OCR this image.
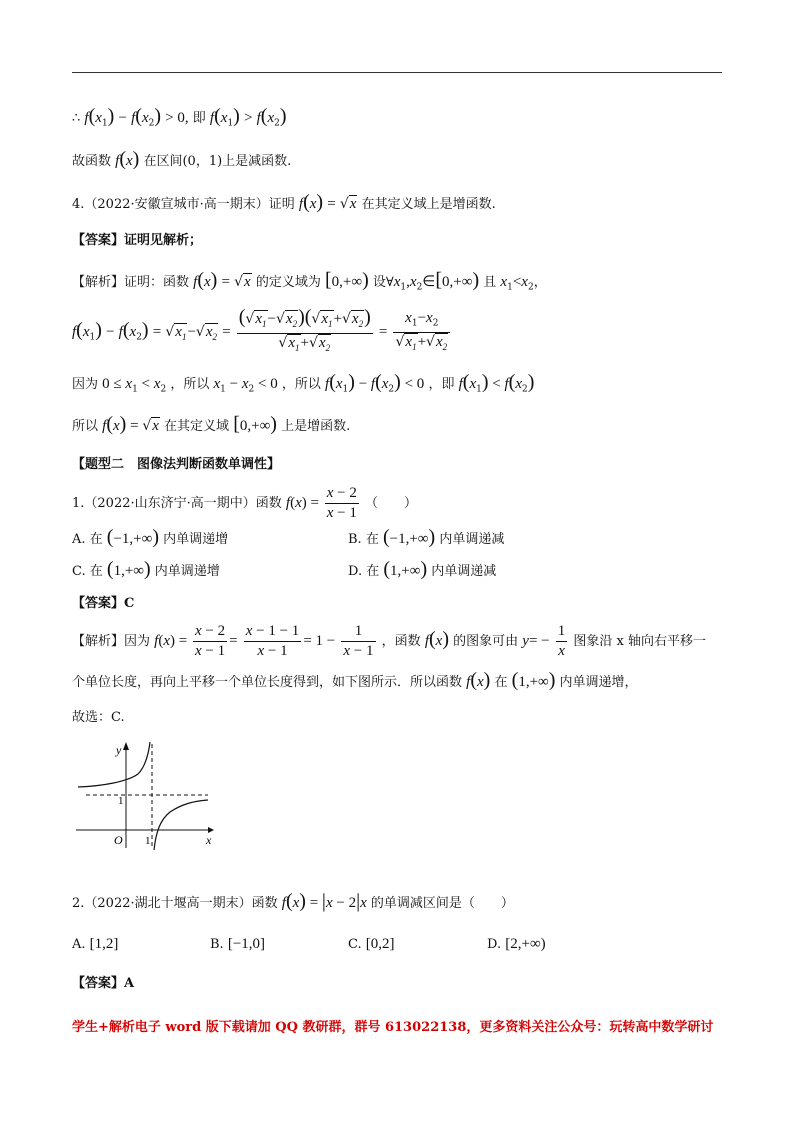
∴ $f(x_1) - f(x_2) > 0$, 即 $f(x_1) > f(x_2)$
故函数 f(x) 在区间(0，1)上是减函数.
4.（2022·安徽宣城市·高一期末）证明 f(x) = √x 在其定义域上是增函数.
【答案】证明见解析；
【解析】证明：函数 f(x) = √x 的定义域为 [0,+∞) 设$\forall x_1,x_2\in[0,+\infty)$ 且 $x_1<x_2$，
$f(x_1) - f(x_2) = √x_1-√x_2 = \frac{(√x_1-√x_2)(√x_1+√x_2)}{√x_1+√x_2} = \frac{x_1-x_2}{√x_1+√x_2}$
因为 $0 \le x_1 < x_2$ ，所以 $x_1 - x_2 < 0$ ，所以 $f(x_1) - f(x_2) < 0$ ，即 $f(x_1) < f(x_2)$
所以 f(x) = √x 在其定义域 [0,+∞) 上是增函数.
【题型二　图像法判断函数单调性】
1.（2022·山东济宁·高一期中）函数 $f(x) = \frac{x - 2}{x - 1}$ （　　）
A. 在 (−1,+∞) 内单调递增	B. 在 (−1,+∞) 内单调递减
C. 在 (1,+∞) 内单调递增	D. 在 (1,+∞) 内单调递减
【答案】C
【解析】因为 $f(x) = \frac{x - 2}{x - 1} = \frac{x - 1 - 1}{x - 1} = 1 - \frac{1}{x - 1}$ ，函数 f(x) 的图象可由 $y= - \frac{1}{x}$ 图象沿 x 轴向右平移一
个单位长度，再向上平移一个单位长度得到，如下图所示．所以函数 f(x) 在 (1,+∞) 内单调递增，
故选：C.
y
x
O
1
1
2.（2022·湖北十堰高一期末）函数 f(x) = |x − 2|x 的单调减区间是（　　）
A. [1,2]	B. [−1,0]	C. [0,2]	D. [2,+∞)
【答案】A
学生+解析电子 word 版下载请加 QQ 教研群，群号 613022138，更多资料关注公众号：玩转高中数学研讨
